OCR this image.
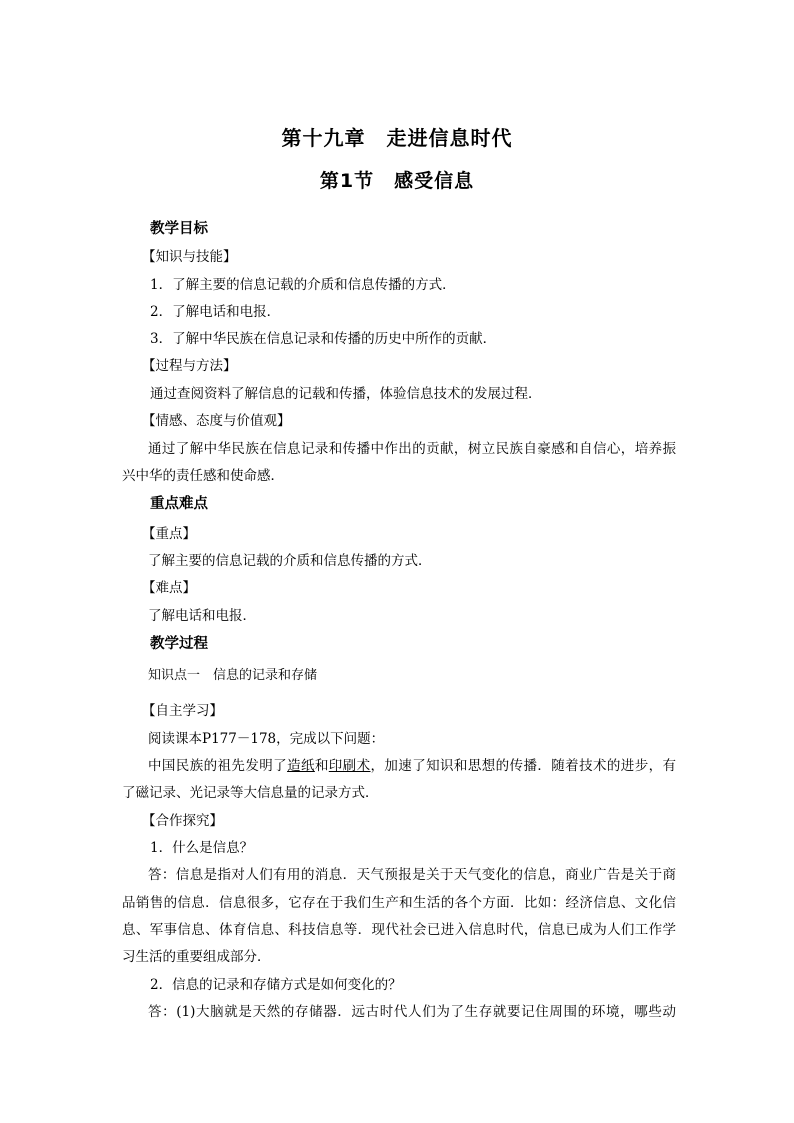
第十九章　走进信息时代
第1节　感受信息
教学目标
【知识与技能】
1．了解主要的信息记载的介质和信息传播的方式．
2．了解电话和电报．
3．了解中华民族在信息记录和传播的历史中所作的贡献．
【过程与方法】
通过查阅资料了解信息的记载和传播，体验信息技术的发展过程．
【情感、态度与价值观】
通过了解中华民族在信息记录和传播中作出的贡献，树立民族自豪感和自信心，培养振
兴中华的责任感和使命感．
重点难点
【重点】
了解主要的信息记载的介质和信息传播的方式．
【难点】
了解电话和电报．
教学过程
知识点一　信息的记录和存储
【自主学习】
阅读课本P177－178，完成以下问题：
中国民族的祖先发明了造纸和印刷术，加速了知识和思想的传播．随着技术的进步，有
了磁记录、光记录等大信息量的记录方式．
【合作探究】
1．什么是信息？
答：信息是指对人们有用的消息．天气预报是关于天气变化的信息，商业广告是关于商
品销售的信息．信息很多，它存在于我们生产和生活的各个方面．比如：经济信息、文化信
息、军事信息、体育信息、科技信息等．现代社会已进入信息时代，信息已成为人们工作学
习生活的重要组成部分．
2．信息的记录和存储方式是如何变化的？
答：(1)大脑就是天然的存储器．远古时代人们为了生存就要记住周围的环境，哪些动
